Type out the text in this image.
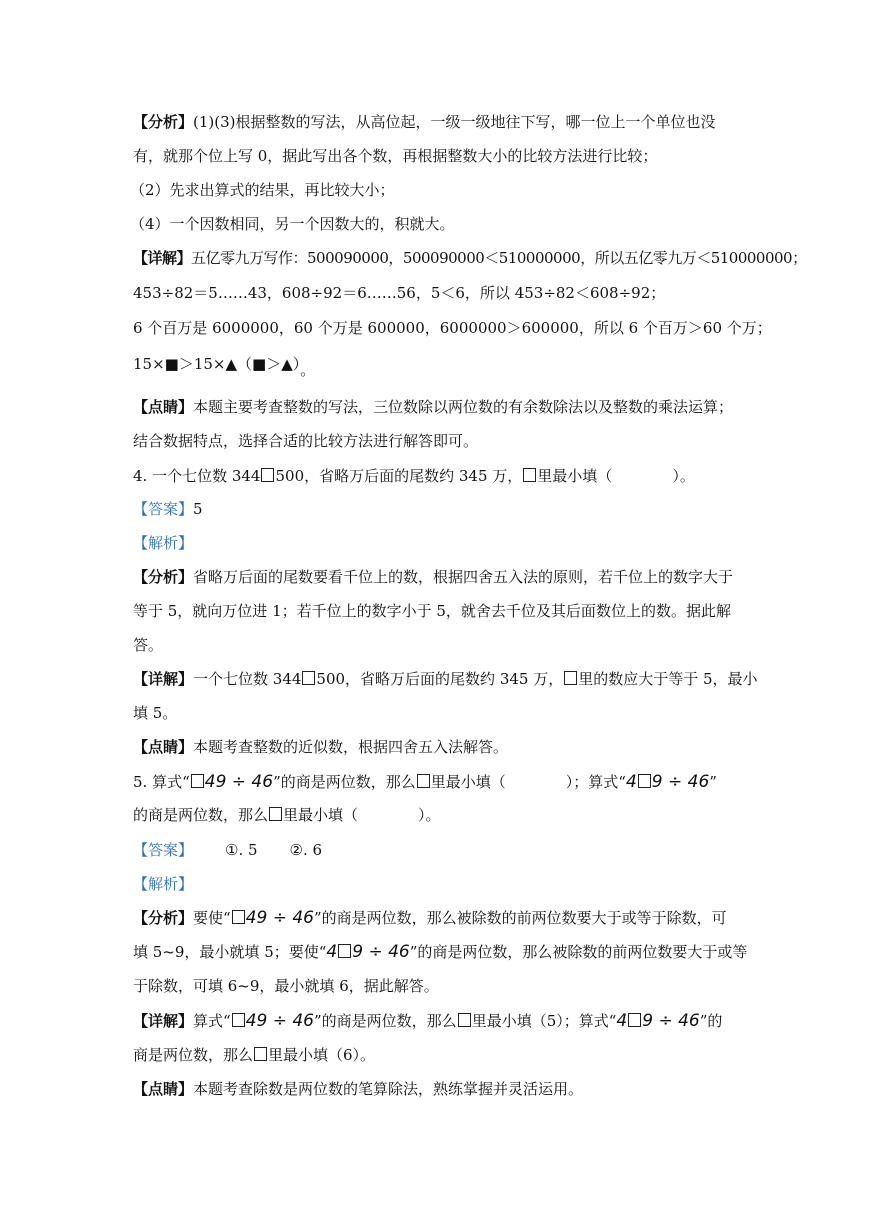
【分析】(1)(3)根据整数的写法，从高位起，一级一级地往下写，哪一位上一个单位也没
有，就那个位上写 0，据此写出各个数，再根据整数大小的比较方法进行比较；
（2）先求出算式的结果，再比较大小；
（4）一个因数相同，另一个因数大的，积就大。
【详解】五亿零九万写作：500090000，500090000＜510000000，所以五亿零九万＜510000000；
453÷82＝5……43，608÷92＝6……56，5＜6，所以 453÷82＜608÷92；
6 个百万是 6000000，60 个万是 600000，6000000＞600000，所以 6 个百万＞60 个万；
15×■＞15×▲（■＞▲）。
【点睛】本题主要考查整数的写法，三位数除以两位数的有余数除法以及整数的乘法运算；
结合数据特点，选择合适的比较方法进行解答即可。
4. 一个七位数 344 500，省略万后面的尾数约 345 万， 里最小填（	）。
【答案】5
【解析】
【分析】省略万后面的尾数要看千位上的数，根据四舍五入法的原则，若千位上的数字大于
等于 5，就向万位进 1；若千位上的数字小于 5，就舍去千位及其后面数位上的数。据此解
答。
【详解】一个七位数 344 500，省略万后面的尾数约 345 万， 里的数应大于等于 5，最小
填 5。
【点睛】本题考查整数的近似数，根据四舍五入法解答。
5. 算式“ 49 ÷ 46”的商是两位数，那么 里最小填（	）；算式“4 9 ÷ 46”
的商是两位数，那么 里最小填（	）。
【答案】 ①. 5 ②. 6
【解析】
【分析】要使“ 49 ÷ 46”的商是两位数，那么被除数的前两位数要大于或等于除数，可
填 5~9，最小就填 5；要使“4 9 ÷ 46”的商是两位数，那么被除数的前两位数要大于或等
于除数，可填 6~9，最小就填 6，据此解答。
【详解】算式“ 49 ÷ 46”的商是两位数，那么 里最小填（5）；算式“4 9 ÷ 46”的
商是两位数，那么 里最小填（6）。
【点睛】本题考查除数是两位数的笔算除法，熟练掌握并灵活运用。
